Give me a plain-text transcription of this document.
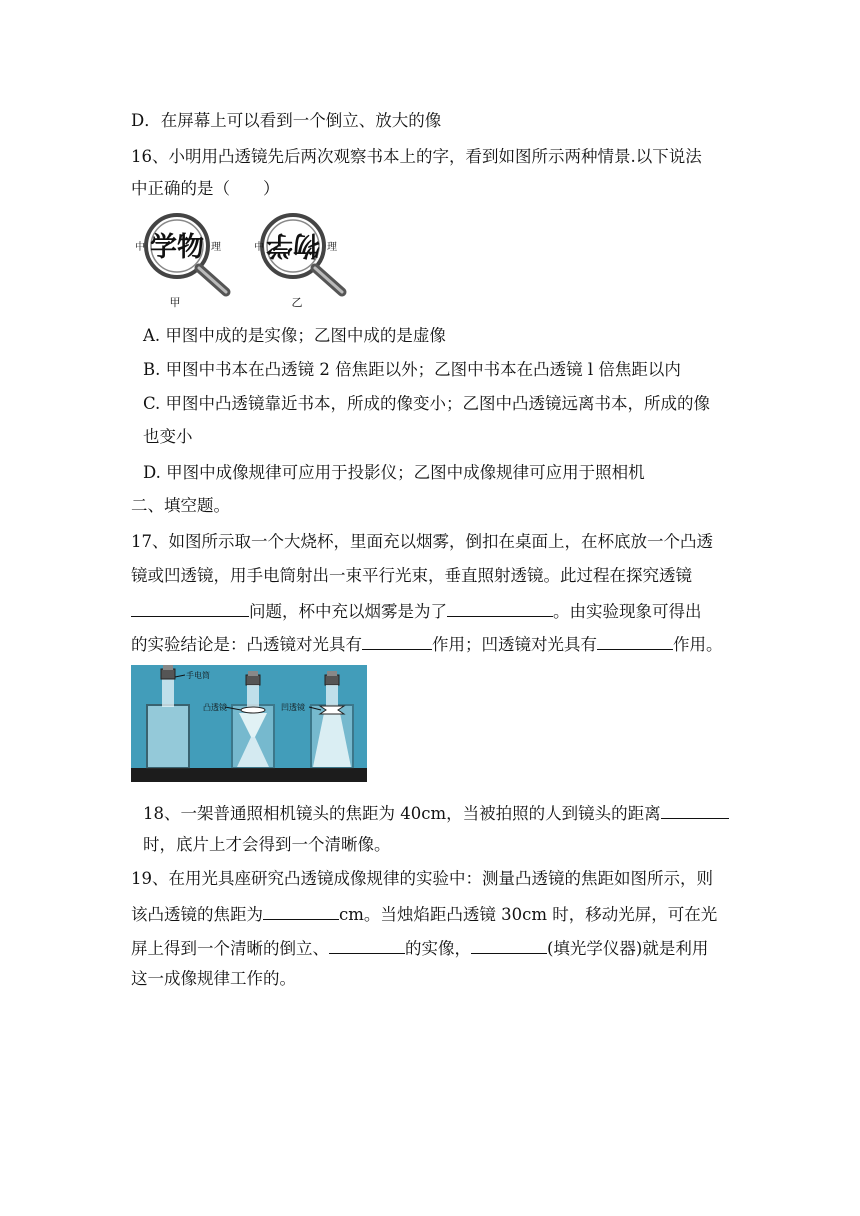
D．在屏幕上可以看到一个倒立、放大的像
16、小明用凸透镜先后两次观察书本上的字，看到如图所示两种情景.以下说法
中正确的是（　　）
学物
中	理
甲
物学
中	理
乙
A. 甲图中成的是实像；乙图中成的是虚像
B. 甲图中书本在凸透镜 2 倍焦距以外；乙图中书本在凸透镜 l 倍焦距以内
C. 甲图中凸透镜靠近书本，所成的像变小；乙图中凸透镜远离书本，所成的像
也变小
D. 甲图中成像规律可应用于投影仪；乙图中成像规律可应用于照相机
二、填空题。
17、如图所示取一个大烧杯，里面充以烟雾，倒扣在桌面上，在杯底放一个凸透
镜或凹透镜，用手电筒射出一束平行光束，垂直照射透镜。此过程在探究透镜
问题，杯中充以烟雾是为了	。由实验现象可得出
的实验结论是：凸透镜对光具有	作用；凹透镜对光具有	作用。
手电筒
凸透镜	凹透镜
18、一架普通照相机镜头的焦距为 40cm，当被拍照的人到镜头的距离
时，底片上才会得到一个清晰像。
19、在用光具座研究凸透镜成像规律的实验中：测量凸透镜的焦距如图所示，则
该凸透镜的焦距为	cm。当烛焰距凸透镜 30cm 时，移动光屏，可在光
屏上得到一个清晰的倒立、	的实像，	(填光学仪器)就是利用
这一成像规律工作的。
